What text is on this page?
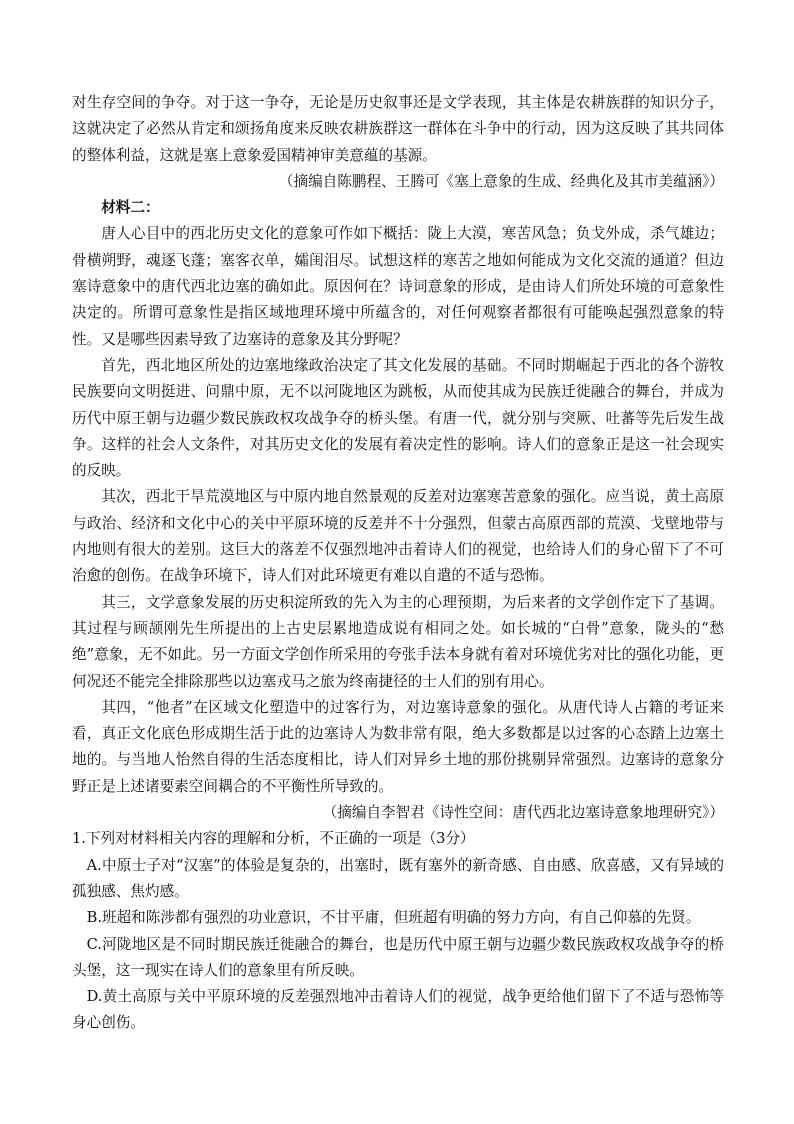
对生存空间的争夺。对于这一争夺，无论是历史叙事还是文学表现，其主体是农耕族群的知识分子，这就决定了必然从肯定和颂扬角度来反映农耕族群这一群体在斗争中的行动，因为这反映了其共同体的整体利益，这就是塞上意象爱国精神审美意蕴的基源。

（摘编自陈鹏程、王腾可《塞上意象的生成、经典化及其市美蕴涵》）

材料二：

唐人心目中的西北历史文化的意象可作如下概括：陇上大漠，寒苦风急；负戈外成，杀气雄边；骨横朔野，魂逐飞蓬；塞客衣单，孀闺泪尽。试想这样的寒苦之地如何能成为文化交流的通道？但边塞诗意象中的唐代西北边塞的确如此。原因何在？诗词意象的形成，是由诗人们所处环境的可意象性决定的。所谓可意象性是指区域地理环境中所蕴含的，对任何观察者都很有可能唤起强烈意象的特性。又是哪些因素导致了边塞诗的意象及其分野呢？

首先，西北地区所处的边塞地缘政治决定了其文化发展的基础。不同时期崛起于西北的各个游牧民族要向文明挺进、问鼎中原，无不以河陇地区为跳板，从而使其成为民族迁徙融合的舞台，并成为历代中原王朝与边疆少数民族政权攻战争夺的桥头堡。有唐一代，就分别与突厥、吐蕃等先后发生战争。这样的社会人文条件，对其历史文化的发展有着决定性的影响。诗人们的意象正是这一社会现实的反映。

其次，西北干旱荒漠地区与中原内地自然景观的反差对边塞寒苦意象的强化。应当说，黄土高原与政治、经济和文化中心的关中平原环境的反差并不十分强烈，但蒙古高原西部的荒漠、戈壁地带与内地则有很大的差别。这巨大的落差不仅强烈地冲击着诗人们的视觉，也给诗人们的身心留下了不可治愈的创伤。在战争环境下，诗人们对此环境更有难以自遣的不适与恐怖。

其三，文学意象发展的历史积淀所致的先入为主的心理预期，为后来者的文学创作定下了基调。其过程与顾颉刚先生所提出的上古史层累地造成说有相同之处。如长城的“白骨”意象，陇头的“愁绝”意象，无不如此。另一方面文学创作所采用的夸张手法本身就有着对环境优劣对比的强化功能，更何况还不能完全排除那些以边塞戎马之旅为终南捷径的士人们的别有用心。

其四，“他者”在区域文化塑造中的过客行为，对边塞诗意象的强化。从唐代诗人占籍的考证来看，真正文化底色形成期生活于此的边塞诗人为数非常有限，绝大多数都是以过客的心态踏上边塞土地的。与当地人怡然自得的生活态度相比，诗人们对异乡土地的那份挑剔异常强烈。边塞诗的意象分野正是上述诸要素空间耦合的不平衡性所导致的。

（摘编自李智君《诗性空间：唐代西北边塞诗意象地理研究》）

1.下列对材料相关内容的理解和分析，不正确的一项是（3分）

A.中原士子对“汉塞”的体验是复杂的，出塞时，既有塞外的新奇感、自由感、欣喜感，又有异域的孤独感、焦灼感。

B.班超和陈涉都有强烈的功业意识，不甘平庸，但班超有明确的努力方向，有自己仰慕的先贤。

C.河陇地区是不同时期民族迁徙融合的舞台，也是历代中原王朝与边疆少数民族政权攻战争夺的桥头堡，这一现实在诗人们的意象里有所反映。

D.黄土高原与关中平原环境的反差强烈地冲击着诗人们的视觉，战争更给他们留下了不适与恐怖等身心创伤。
